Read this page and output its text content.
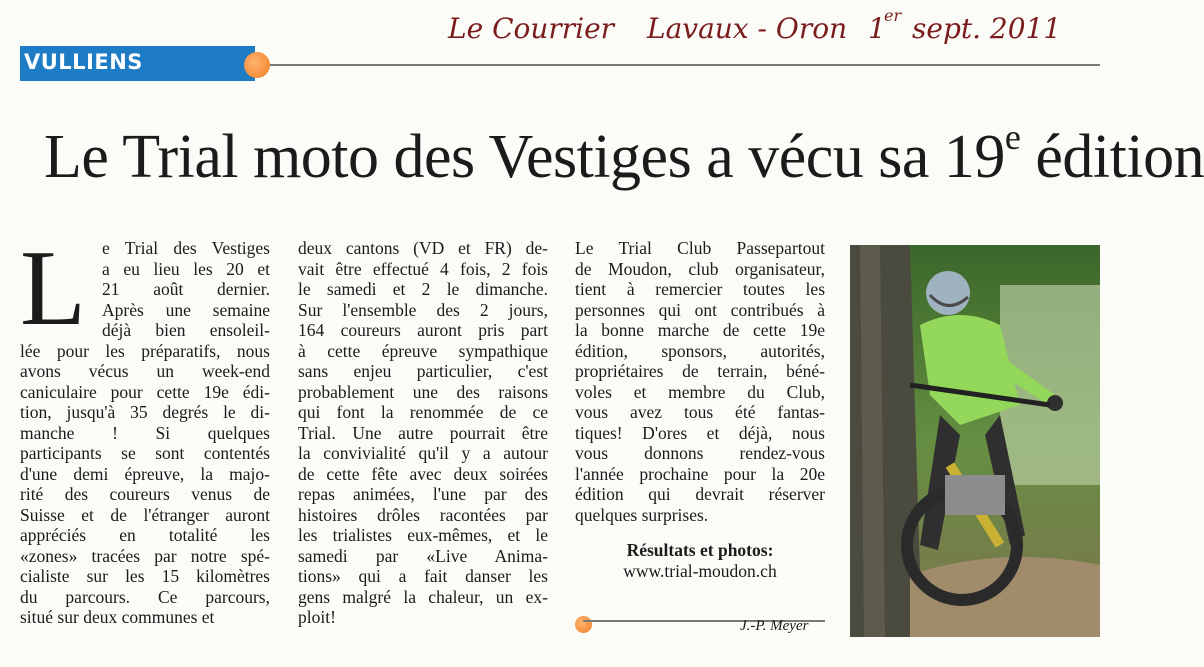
Le Courrier Lavaux - Oron 1
er sept. 2011
VULLIENS
Le Trial moto des Vestiges a vécu sa 19e édition
L e Trial des Vestiges
a eu lieu les 20 et
21 août dernier.
Après une semaine
déjà bien ensoleil-
lée pour les préparatifs, nous
avons vécus un week-end
caniculaire pour cette 19e édi-
tion, jusqu'à 35 degrés le di-
manche ! Si quelques
participants se sont contentés
d'une demi épreuve, la majo-
rité des coureurs venus de
Suisse et de l'étranger auront
appréciés en totalité les
«zones» tracées par notre spé-
cialiste sur les 15 kilomètres
du parcours. Ce parcours,
situé sur deux communes et
deux cantons (VD et FR) de-
vait être effectué 4 fois, 2 fois
le samedi et 2 le dimanche.
Sur l'ensemble des 2 jours,
164 coureurs auront pris part
à cette épreuve sympathique
sans enjeu particulier, c'est
probablement une des raisons
qui font la renommée de ce
Trial. Une autre pourrait être
la convivialité qu'il y a autour
de cette fête avec deux soirées
repas animées, l'une par des
histoires drôles racontées par
les trialistes eux-mêmes, et le
samedi par «Live Anima-
tions» qui a fait danser les
gens malgré la chaleur, un ex-
ploit!
Le Trial Club Passepartout
de Moudon, club organisateur,
tient à remercier toutes les
personnes qui ont contribués à
la bonne marche de cette 19e
édition, sponsors, autorités,
propriétaires de terrain, béné-
voles et membre du Club,
vous avez tous été fantas-
tiques! D'ores et déjà, nous
vous donnons rendez-vous
l'année prochaine pour la 20e
édition qui devrait réserver
quelques surprises.
Résultats et photos:
www.trial-moudon.ch
J.-P. Meyer
